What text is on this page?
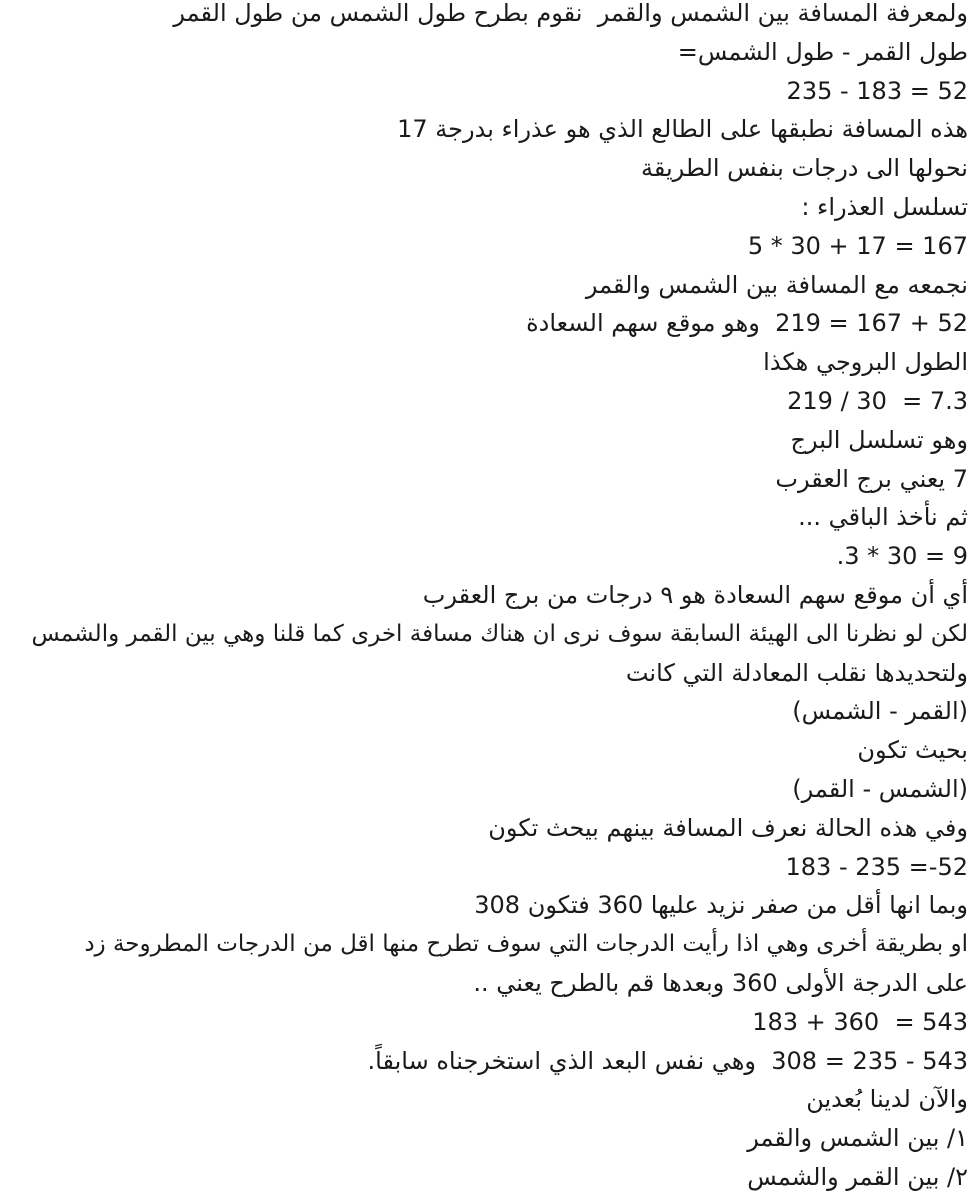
ولمعرفة المسافة بين الشمس والقمر  نقوم بطرح طول الشمس من طول القمر
طول القمر - طول الشمس=
235 - 183 = 52
هذه المسافة نطبقها على الطالع الذي هو عذراء بدرجة 17
نحولها الى درجات بنفس الطريقة
تسلسل العذراء :
5 * 30 + 17 = 167
نجمعه مع المسافة بين الشمس والقمر
52 + 167 = 219  وهو موقع سهم السعادة
الطول البروجي هكذا
219 / 30  = 7.3
وهو تسلسل البرج
7 يعني برج العقرب
ثم نأخذ الباقي ...
.3 * 30 = 9
أي أن موقع سهم السعادة هو ٩ درجات من برج العقرب
لكن لو نظرنا الى الهيئة السابقة سوف نرى ان هناك مسافة اخرى كما قلنا وهي بين القمر والشمس
ولتحديدها نقلب المعادلة التي كانت
(القمر - الشمس)
بحيث تكون
(الشمس - القمر)
وفي هذه الحالة نعرف المسافة بينهم بيحث تكون
183 - 235 =-52
وبما انها أقل من صفر نزيد عليها 360 فتكون 308
او بطريقة أخرى وهي اذا رأيت الدرجات التي سوف تطرح منها اقل من الدرجات المطروحة زد
على الدرجة الأولى 360 وبعدها قم بالطرح يعني ..
183 + 360  = 543
543 - 235 = 308  وهي نفس البعد الذي استخرجناه سابقاً.
والآن لدينا بُعدين
١/ بين الشمس والقمر
٢/ بين القمر والشمس
